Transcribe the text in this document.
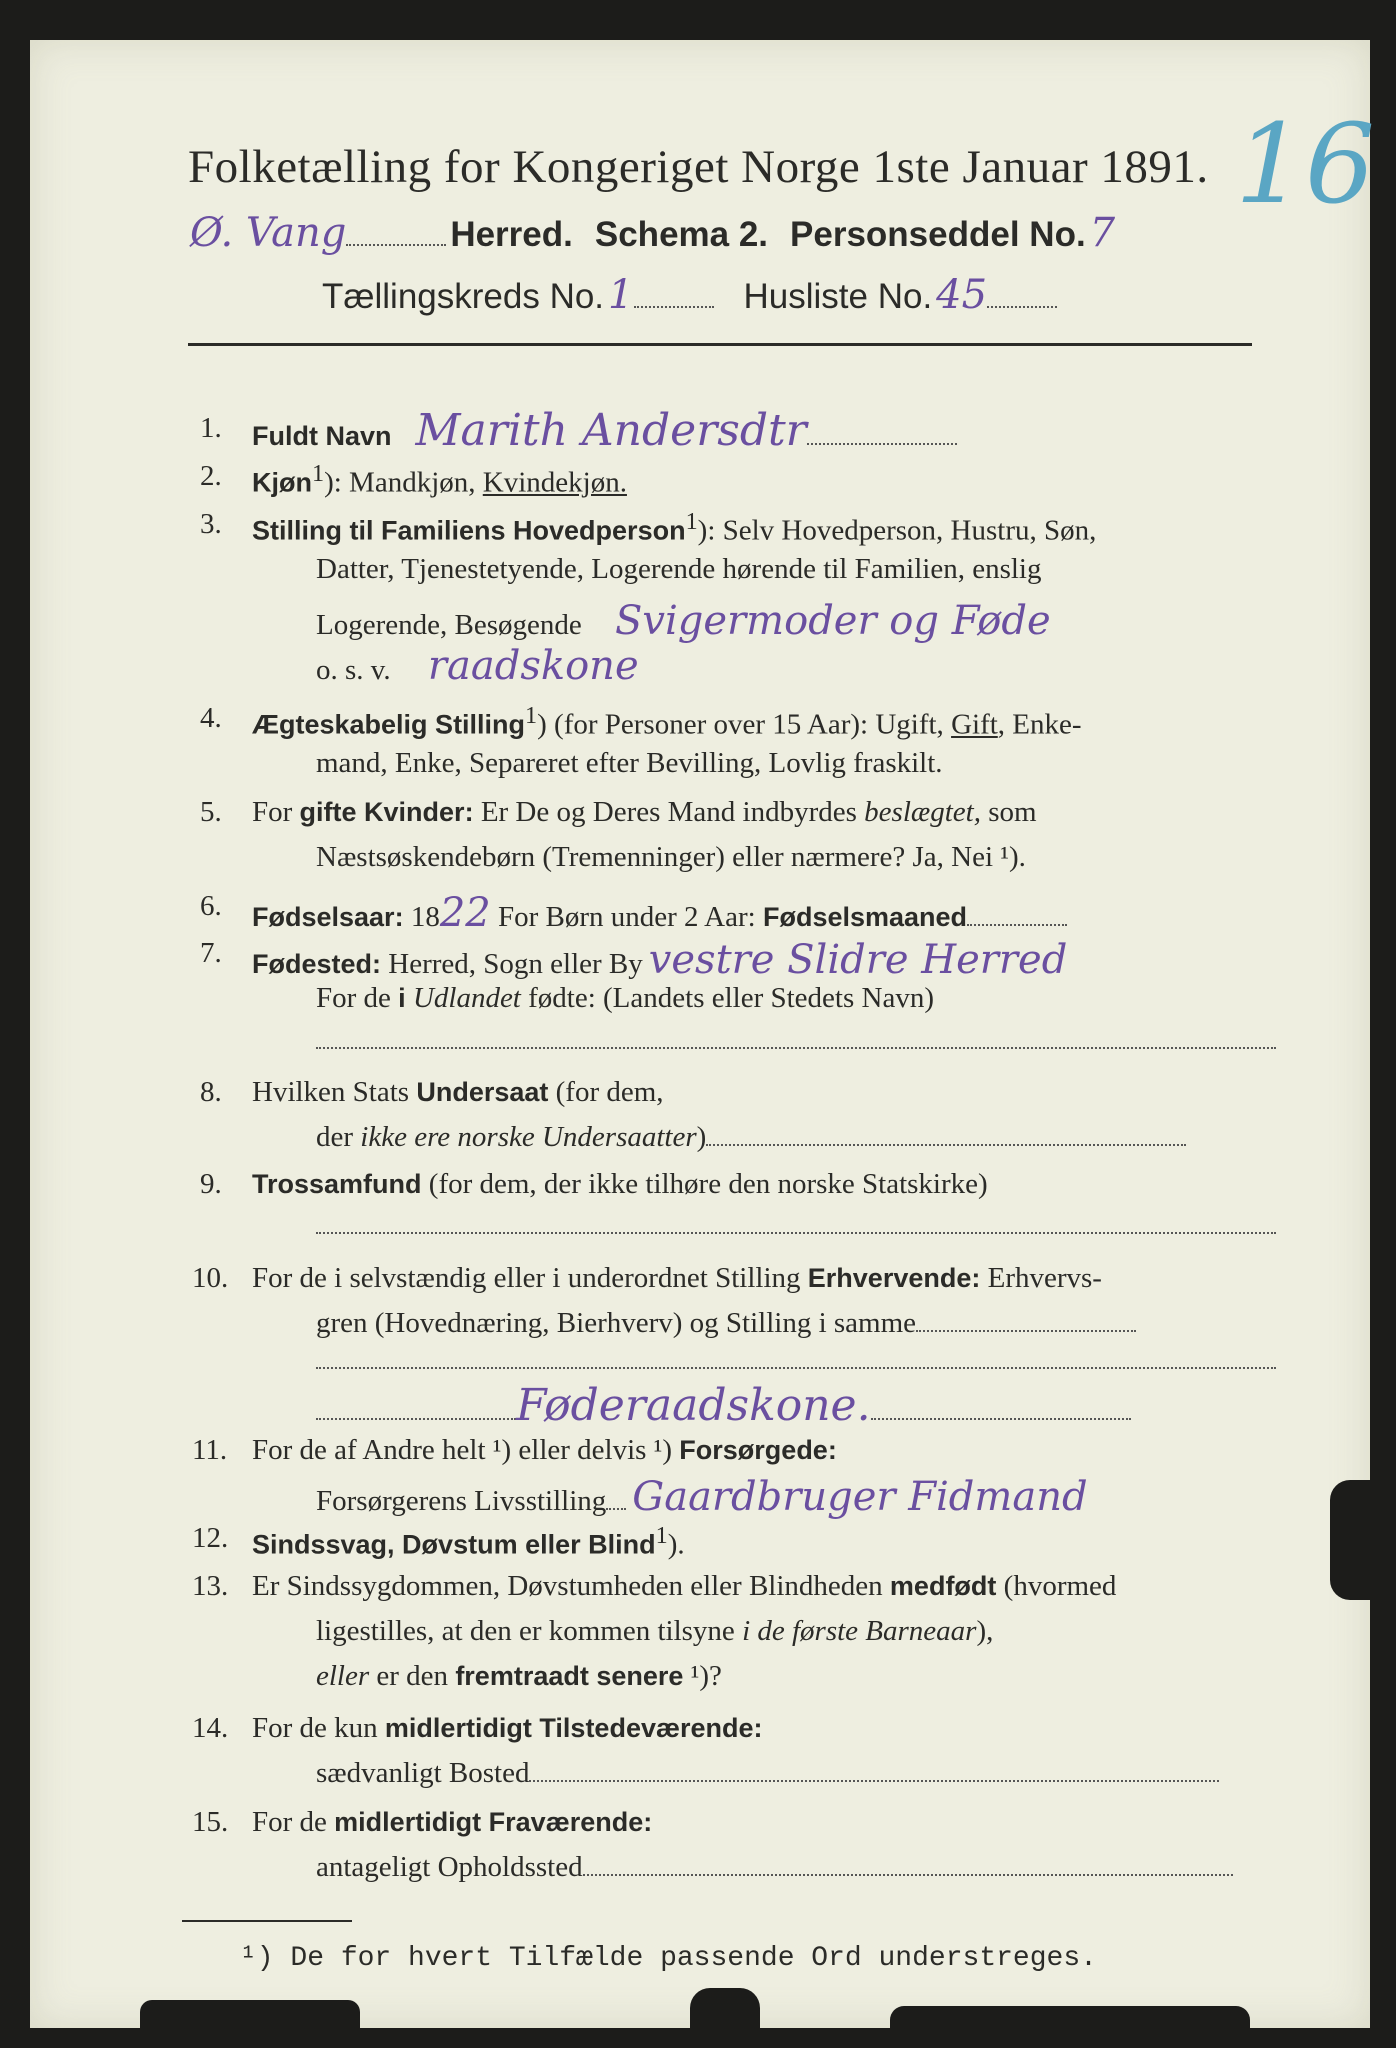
Folketælling for Kongeriget Norge 1ste Januar 1891. 16
Ø. Vang	Herred. Schema 2. Personseddel No. 7
Tællingskreds No. 1	Husliste No. 45
1. Fuldt Navn Marith Andersdtr
2. Kjøn$^1$): Mandkjøn, Kvindekjøn.
3. Stilling til Familiens Hovedperson$^1$): Selv Hovedperson, Hustru, Søn,
Datter, Tjenestetyende, Logerende hørende til Familien, enslig
Logerende, Besøgende Svigermoder og Føde
o. s. v. raadskone
4. Ægteskabelig Stilling$^1$) (for Personer over 15 Aar): Ugift, Gift, Enke-
mand, Enke, Separeret efter Bevilling, Lovlig fraskilt.
5. For gifte Kvinder: Er De og Deres Mand indbyrdes beslægtet, som
Næstsøskendebørn (Tremenninger) eller nærmere? Ja, Nei ¹).
6. Fødselsaar: 1822 For Børn under 2 Aar: Fødselsmaaned
7. Fødested: Herred, Sogn eller By vestre Slidre Herred
For de i Udlandet fødte: (Landets eller Stedets Navn)
8. Hvilken Stats Undersaat (for dem,
der ikke ere norske Undersaatter)
9. Trossamfund (for dem, der ikke tilhøre den norske Statskirke)
10. For de i selvstændig eller i underordnet Stilling Erhvervende: Erhvervs-
gren (Hovednæring, Bierhverv) og Stilling i samme
Føderaadskone.
11. For de af Andre helt ¹) eller delvis ¹) Forsørgede:
Forsørgerens Livsstilling Gaardbruger Fidmand
12. Sindssvag, Døvstum eller Blind$^1$).
13. Er Sindssygdommen, Døvstumheden eller Blindheden medfødt (hvormed
ligestilles, at den er kommen tilsyne i de første Barneaar),
eller er den fremtraadt senere ¹)?
14. For de kun midlertidigt Tilstedeværende:
sædvanligt Bosted
15. For de midlertidigt Fraværende:
antageligt Opholdssted
¹) De for hvert Tilfælde passende Ord understreges.
